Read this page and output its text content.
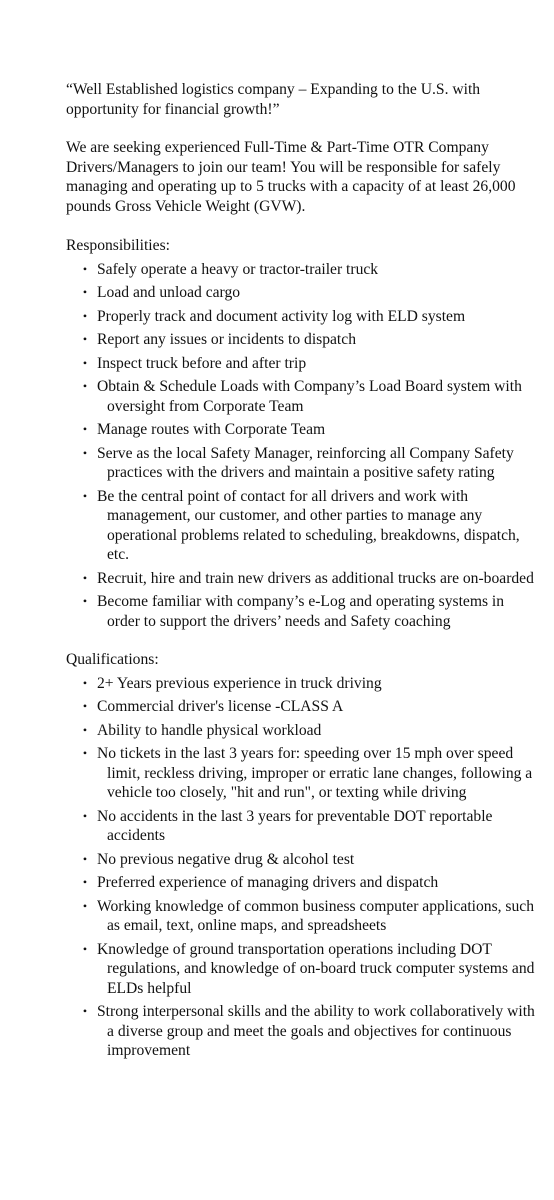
“Well Established logistics company – Expanding to the U.S. with opportunity for financial growth!”

We are seeking experienced Full-Time & Part-Time OTR Company Drivers/Managers to join our team! You will be responsible for safely managing and operating up to 5 trucks with a capacity of at least 26,000 pounds Gross Vehicle Weight (GVW).

Responsibilities:

• Safely operate a heavy or tractor-trailer truck
• Load and unload cargo
• Properly track and document activity log with ELD system
• Report any issues or incidents to dispatch
• Inspect truck before and after trip
• Obtain & Schedule Loads with Company’s Load Board system with oversight from Corporate Team
• Manage routes with Corporate Team
• Serve as the local Safety Manager, reinforcing all Company Safety practices with the drivers and maintain a positive safety rating
• Be the central point of contact for all drivers and work with management, our customer, and other parties to manage any operational problems related to scheduling, breakdowns, dispatch, etc.
• Recruit, hire and train new drivers as additional trucks are on-boarded
• Become familiar with company’s e-Log and operating systems in order to support the drivers’ needs and Safety coaching

Qualifications:

• 2+ Years previous experience in truck driving
• Commercial driver's license -CLASS A
• Ability to handle physical workload
• No tickets in the last 3 years for: speeding over 15 mph over speed limit, reckless driving, improper or erratic lane changes, following a vehicle too closely, "hit and run", or texting while driving
• No accidents in the last 3 years for preventable DOT reportable accidents
• No previous negative drug & alcohol test
• Preferred experience of managing drivers and dispatch
• Working knowledge of common business computer applications, such as email, text, online maps, and spreadsheets
• Knowledge of ground transportation operations including DOT regulations, and knowledge of on-board truck computer systems and ELDs helpful
• Strong interpersonal skills and the ability to work collaboratively with a diverse group and meet the goals and objectives for continuous improvement
